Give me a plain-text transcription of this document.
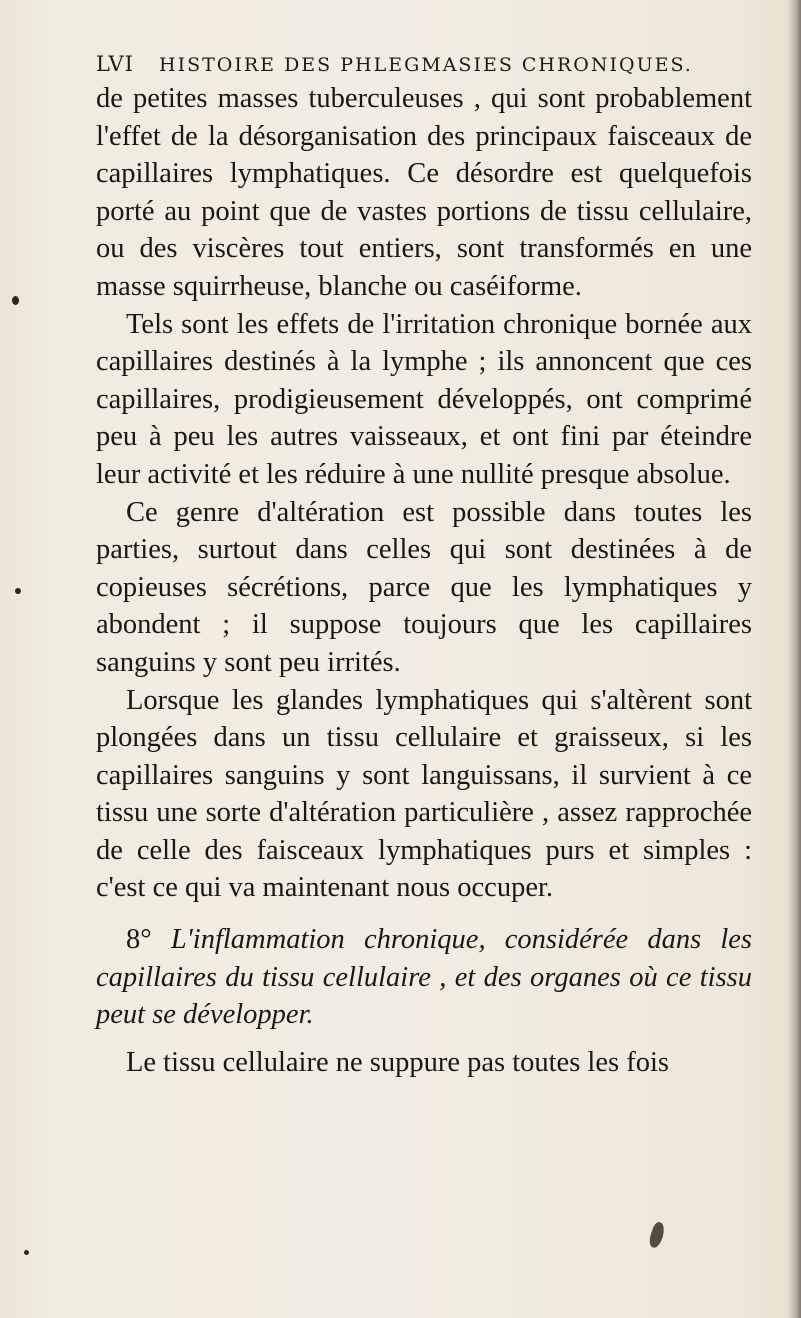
LVI HISTOIRE DES PHLEGMASIES CHRONIQUES.

de petites masses tuberculeuses , qui sont probablement l'effet de la désorganisation des principaux faisceaux de capillaires lymphatiques. Ce désordre est quelquefois porté au point que de vastes portions de tissu cellulaire, ou des viscères tout entiers, sont transformés en une masse squirrheuse, blanche ou caséiforme.

Tels sont les effets de l'irritation chronique bornée aux capillaires destinés à la lymphe ; ils annoncent que ces capillaires, prodigieusement développés, ont comprimé peu à peu les autres vaisseaux, et ont fini par éteindre leur activité et les réduire à une nullité presque absolue.

Ce genre d'altération est possible dans toutes les parties, surtout dans celles qui sont destinées à de copieuses sécrétions, parce que les lymphatiques y abondent ; il suppose toujours que les capillaires sanguins y sont peu irrités.

Lorsque les glandes lymphatiques qui s'altèrent sont plongées dans un tissu cellulaire et graisseux, si les capillaires sanguins y sont languissans, il survient à ce tissu une sorte d'altération particulière , assez rapprochée de celle des faisceaux lymphatiques purs et simples : c'est ce qui va maintenant nous occuper.

8° L'inflammation chronique, considérée dans les capillaires du tissu cellulaire , et des organes où ce tissu peut se développer.

Le tissu cellulaire ne suppure pas toutes les fois
